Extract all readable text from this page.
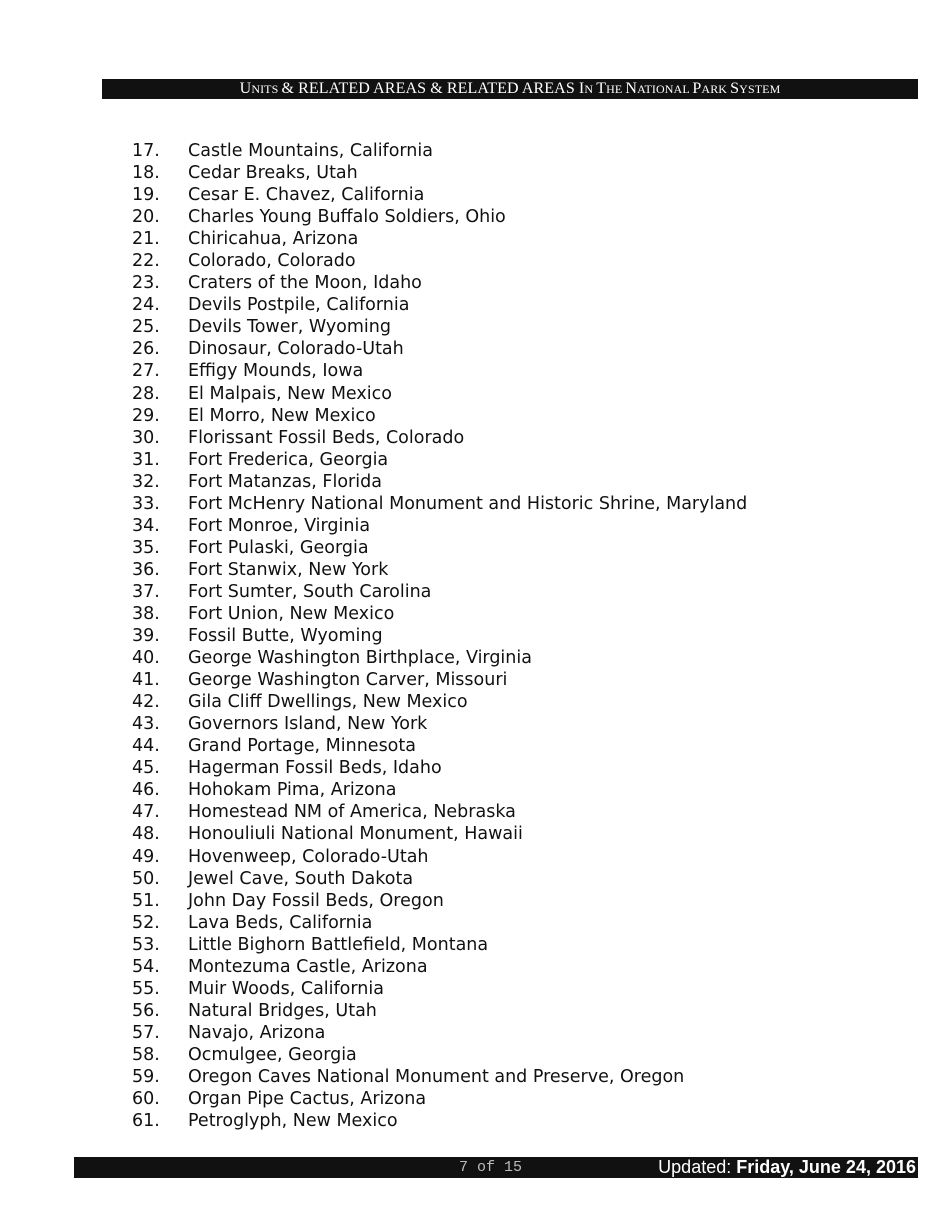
UNITS & RELATED AREAS & RELATED AREAS IN THE NATIONAL PARK SYSTEM
17.	Castle Mountains, California
18.	Cedar Breaks, Utah
19.	Cesar E. Chavez, California
20.	Charles Young Buffalo Soldiers, Ohio
21.	Chiricahua, Arizona
22.	Colorado, Colorado
23.	Craters of the Moon, Idaho
24.	Devils Postpile, California
25.	Devils Tower, Wyoming
26.	Dinosaur, Colorado-Utah
27.	Effigy Mounds, Iowa
28.	El Malpais, New Mexico
29.	El Morro, New Mexico
30.	Florissant Fossil Beds, Colorado
31.	Fort Frederica, Georgia
32.	Fort Matanzas, Florida
33.	Fort McHenry National Monument and Historic Shrine, Maryland
34.	Fort Monroe, Virginia
35.	Fort Pulaski, Georgia
36.	Fort Stanwix, New York
37.	Fort Sumter, South Carolina
38.	Fort Union, New Mexico
39.	Fossil Butte, Wyoming
40.	George Washington Birthplace, Virginia
41.	George Washington Carver, Missouri
42.	Gila Cliff Dwellings, New Mexico
43.	Governors Island, New York
44.	Grand Portage, Minnesota
45.	Hagerman Fossil Beds, Idaho
46.	Hohokam Pima, Arizona
47.	Homestead NM of America, Nebraska
48.	Honouliuli National Monument, Hawaii
49.	Hovenweep, Colorado-Utah
50.	Jewel Cave, South Dakota
51.	John Day Fossil Beds, Oregon
52.	Lava Beds, California
53.	Little Bighorn Battlefield, Montana
54.	Montezuma Castle, Arizona
55.	Muir Woods, California
56.	Natural Bridges, Utah
57.	Navajo, Arizona
58.	Ocmulgee, Georgia
59.	Oregon Caves National Monument and Preserve, Oregon
60.	Organ Pipe Cactus, Arizona
61.	Petroglyph, New Mexico
7 of 15	Updated: Friday, June 24, 2016
